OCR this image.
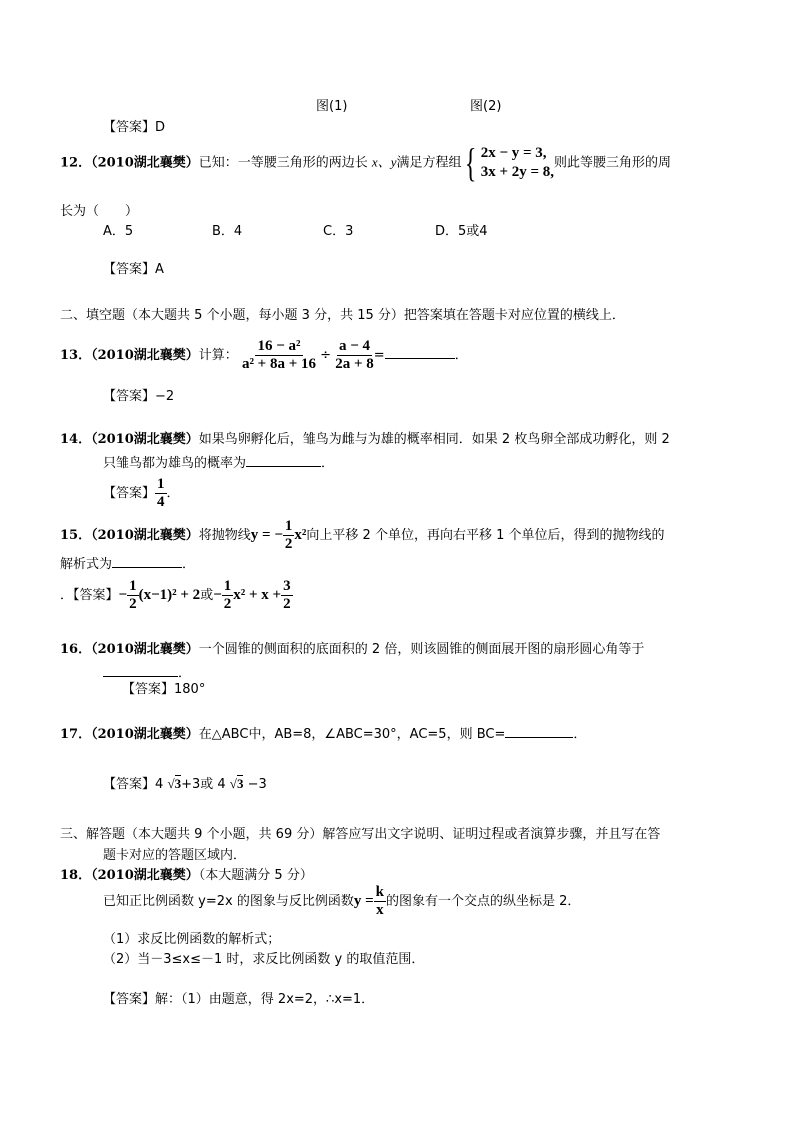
图(1)	图(2)
【答案】D
12．（2010湖北襄樊）已知：一等腰三角形的两边长 x、y满足方程组 { 2x − y = 3,
3x + 2y = 8,
则此等腰三角形的周
长为（　　）
A．5	B．4	C．3	D．5或4
【答案】A
二、填空题（本大题共 5 个小题，每小题 3 分，共 15 分）把答案填在答题卡对应位置的横线上．
13．（2010湖北襄樊）计算： $\frac{\text{16 − a²}}{\text{a² + 8a + 16}} \div \frac{a - 4}{2a + 8}$ =	．
【答案】−2
14．（2010湖北襄樊）如果鸟卵孵化后，雏鸟为雌与为雄的概率相同．如果 2 枚鸟卵全部成功孵化，则 2
只雏鸟都为雄鸟的概率为	．
【答案】 $\frac{1}{4}$ ．
15．（2010湖北襄樊）将抛物线y = − $\frac{1}{2} x^2$向上平移 2 个单位，再向右平移 1 个单位后，得到的抛物线的
解析式为	．
．【答案】− $\frac{1}{2} (x-1)^2 + 2$或− $\frac{1}{2} x^2 + x + \frac{3}{2}$
16．（2010湖北襄樊）一个圆锥的侧面积的底面积的 2 倍，则该圆锥的侧面展开图的扇形圆心角等于
．
【答案】180°
17．（2010湖北襄樊）在△ABC中，AB=8，∠ABC=30°，AC=5，则 BC=	．
【答案】4 √3+3或 4 √3 −3
三、解答题（本大题共 9 个小题，共 69 分）解答应写出文字说明、证明过程或者演算步骤，并且写在答
题卡对应的答题区域内．
18．（2010湖北襄樊）（本大题满分 5 分）
已知正比例函数 y=2x 的图象与反比例函数$y = \frac{k}{x}$ 的图象有一个交点的纵坐标是 2．
（1）求反比例函数的解析式；
（2）当－3≤x≤－1 时，求反比例函数 y 的取值范围．
【答案】解：（1）由题意，得 2x=2，∴x=1．
